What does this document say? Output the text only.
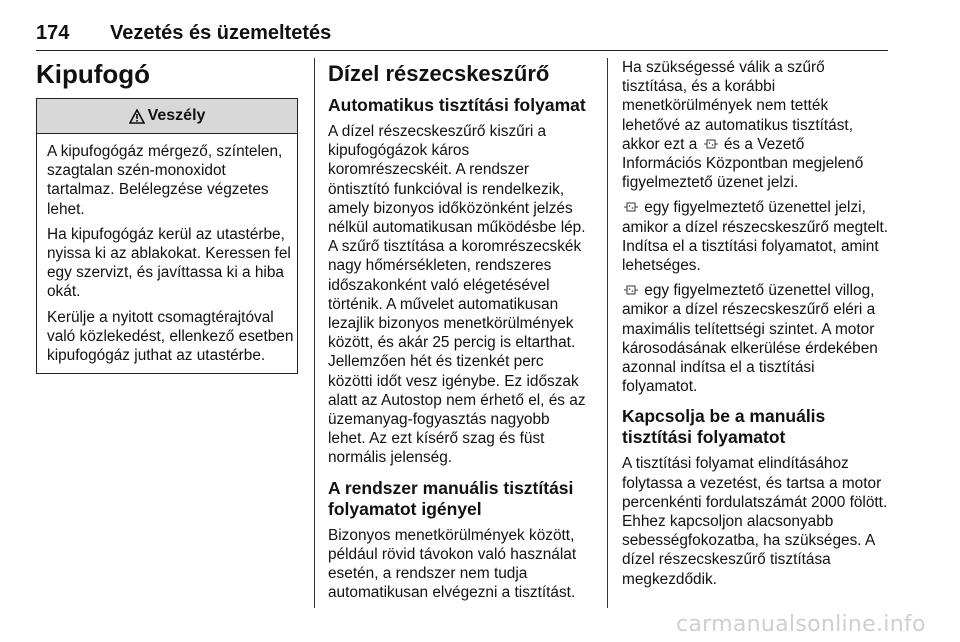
174 Vezetés és üzemeltetés
Kipufogó
Veszély

A kipufogógáz mérgező, színtelen, szagtalan szén-monoxidot tartalmaz. Belélegzése végzetes lehet.

Ha kipufogógáz kerül az utastérbe, nyissa ki az ablakokat. Keressen fel egy szervizt, és javíttassa ki a hiba okát.

Kerülje a nyitott csomagtérajtóval való közlekedést, ellenkező esetben kipufogógáz juthat az utastérbe.

Dízel részecskeszűrő
Automatikus tisztítási folyamat

A dízel részecskeszűrő kiszűri a kipufogógázok káros koromrészecskéit. A rendszer öntisztító funkcióval is rendelkezik, amely bizonyos időközönként jelzés nélkül automatikusan működésbe lép. A szűrő tisztítása a koromrészecskék nagy hőmérsékleten, rendszeres időszakonként való elégetésével történik. A művelet automatikusan lezajlik bizonyos menetkörülmények között, és akár 25 percig is eltarthat. Jellemzően hét és tizenkét perc közötti időt vesz igénybe. Ez időszak alatt az Autostop nem érhető el, és az üzemanyag-fogyasztás nagyobb lehet. Az ezt kísérő szag és füst normális jelenség.

A rendszer manuális tisztítási folyamatot igényel

Bizonyos menetkörülmények között, például rövid távokon való használat esetén, a rendszer nem tudja automatikusan elvégezni a tisztítást.

Ha szükségessé válik a szűrő tisztítása, és a korábbi menetkörülmények nem tették lehetővé az automatikus tisztítást, akkor ezt a és a Vezető Információs Központban megjelenő figyelmeztető üzenet jelzi.

egy figyelmeztető üzenettel jelzi, amikor a dízel részecskeszűrő megtelt. Indítsa el a tisztítási folyamatot, amint lehetséges.

egy figyelmeztető üzenettel villog, amikor a dízel részecskeszűrő eléri a maximális telítettségi szintet. A motor károsodásának elkerülése érdekében azonnal indítsa el a tisztítási folyamatot.

Kapcsolja be a manuális tisztítási folyamatot

A tisztítási folyamat elindításához folytassa a vezetést, és tartsa a motor percenkénti fordulatszámát 2000 fölött. Ehhez kapcsoljon alacsonyabb sebességfokozatba, ha szükséges. A dízel részecskeszűrő tisztítása megkezdődik.

carmanualsonline.info
